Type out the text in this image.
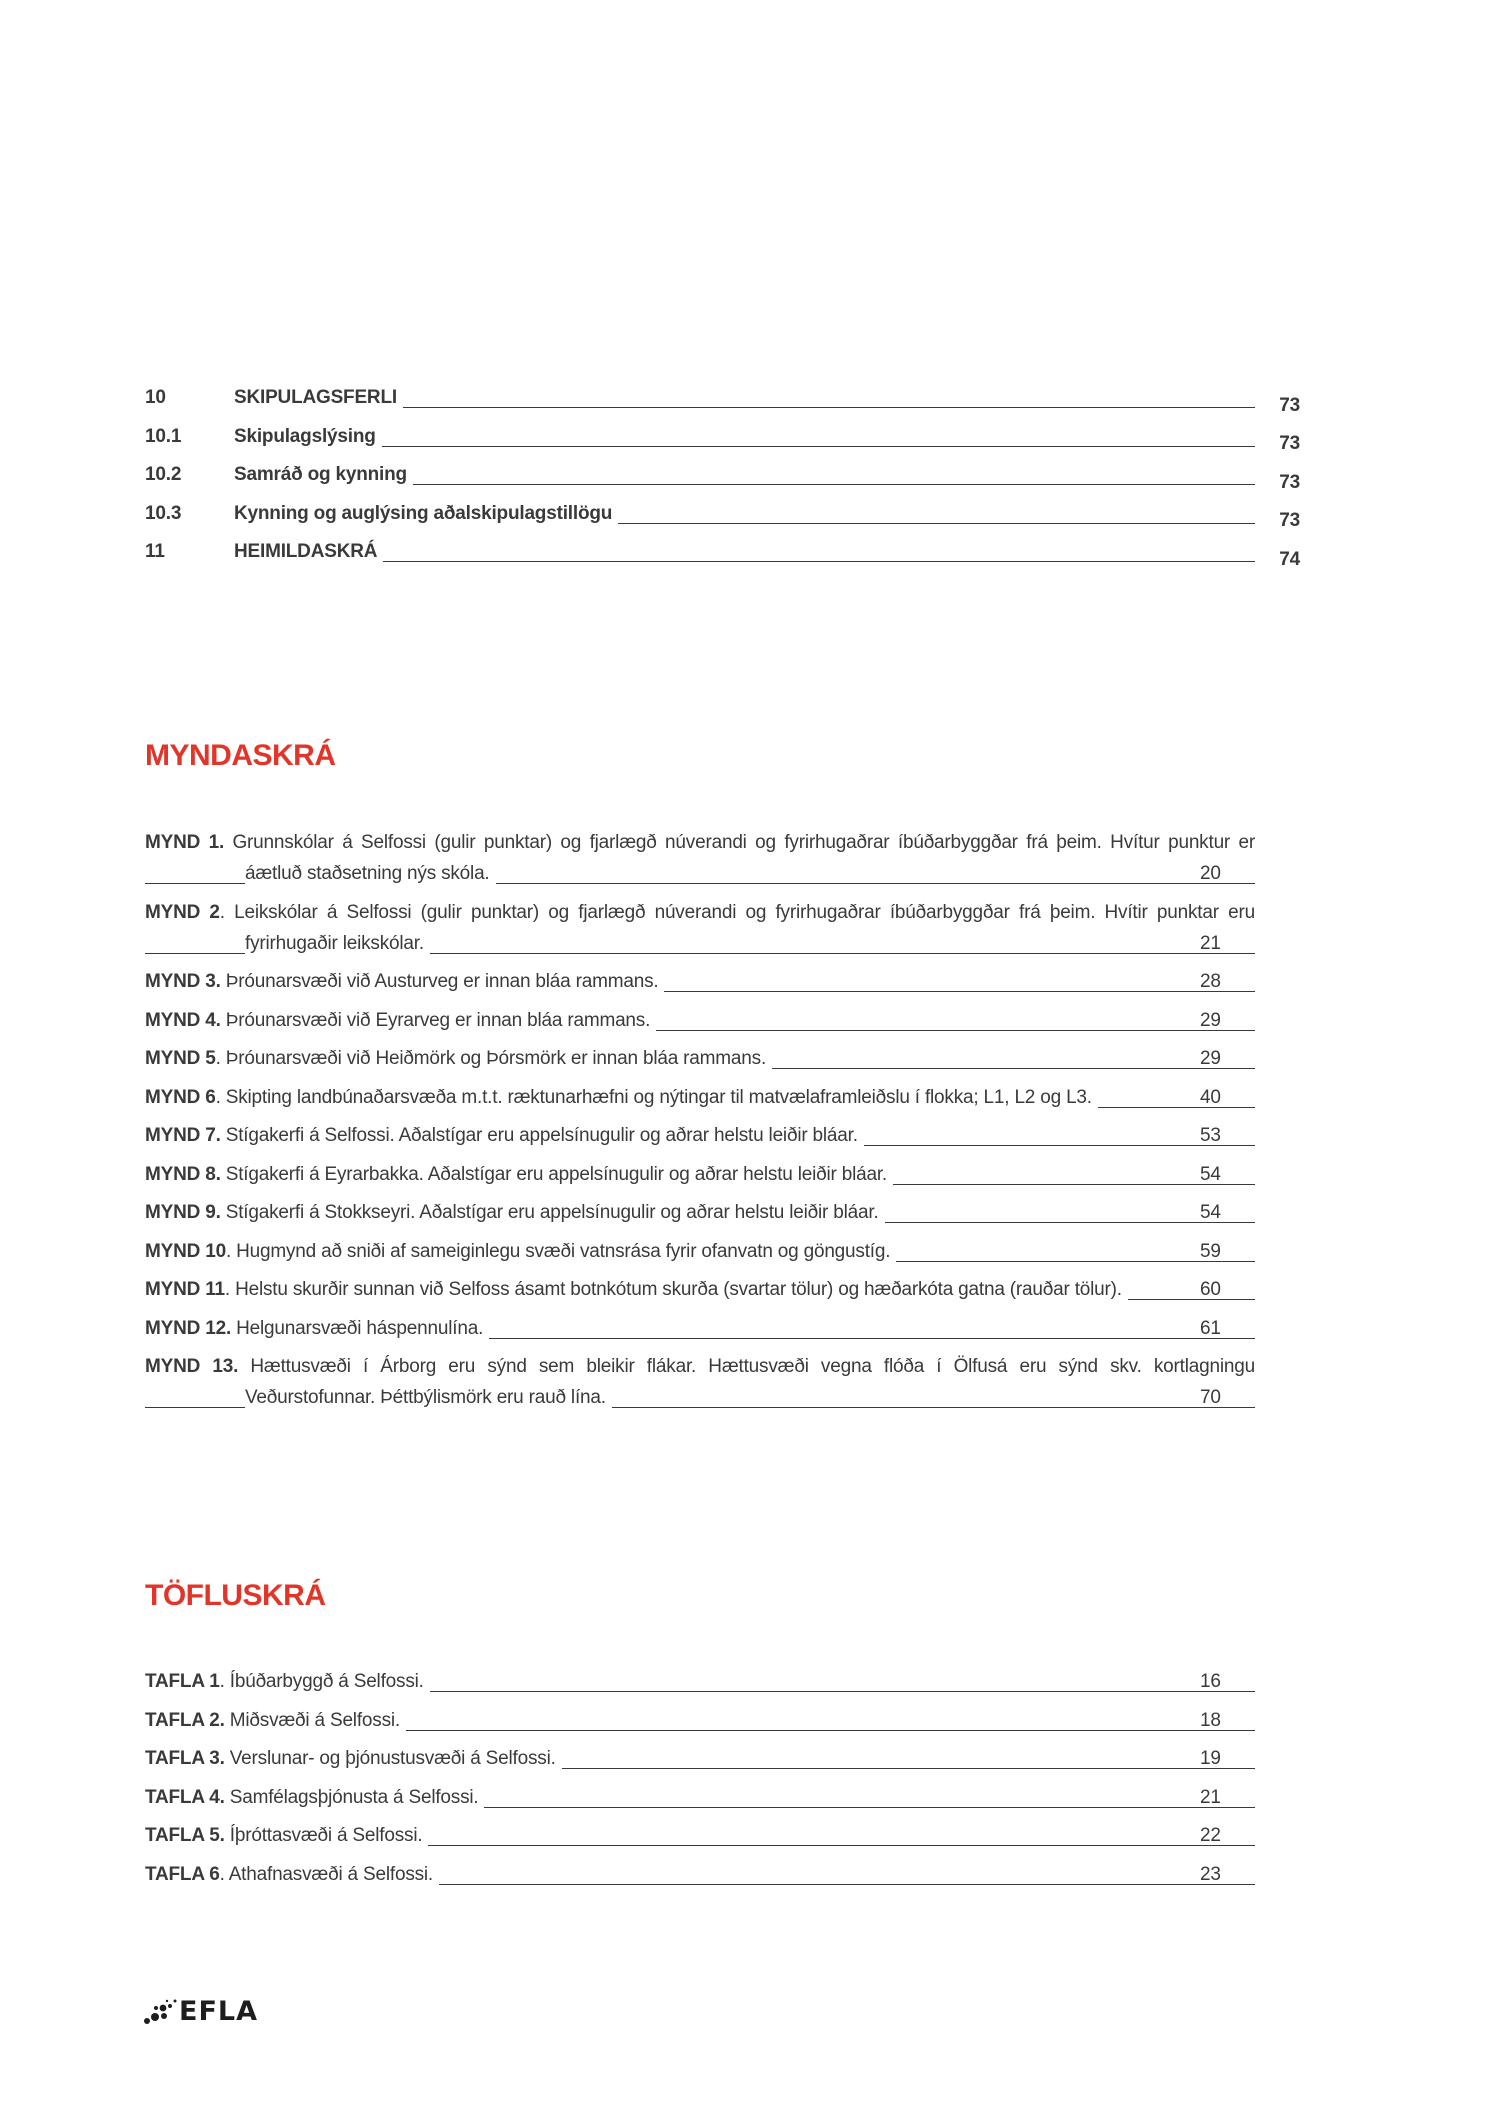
10	SKIPULAGSFERLI	73
10.1	Skipulagslýsing	73
10.2	Samráð og kynning	73
10.3	Kynning og auglýsing aðalskipulagstillögu	73
11	HEIMILDASKRÁ	74
MYNDASKRÁ
MYND 1. Grunnskólar á Selfossi (gulir punktar) og fjarlægð núverandi og fyrirhugaðrar íbúðarbyggðar frá þeim. Hvítur punktur er áætluð staðsetning nýs skóla.	20
MYND 2. Leikskólar á Selfossi (gulir punktar) og fjarlægð núverandi og fyrirhugaðrar íbúðarbyggðar frá þeim. Hvítir punktar eru fyrirhugaðir leikskólar.	21
MYND 3. Þróunarsvæði við Austurveg er innan bláa rammans.	28
MYND 4. Þróunarsvæði við Eyrarveg er innan bláa rammans.	29
MYND 5. Þróunarsvæði við Heiðmörk og Þórsmörk er innan bláa rammans.	29
MYND 6. Skipting landbúnaðarsvæða m.t.t. ræktunarhæfni og nýtingar til matvælaframleiðslu í flokka; L1, L2 og L3.	40
MYND 7. Stígakerfi á Selfossi. Aðalstígar eru appelsínugulir og aðrar helstu leiðir bláar.	53
MYND 8. Stígakerfi á Eyrarbakka. Aðalstígar eru appelsínugulir og aðrar helstu leiðir bláar.	54
MYND 9. Stígakerfi á Stokkseyri. Aðalstígar eru appelsínugulir og aðrar helstu leiðir bláar.	54
MYND 10. Hugmynd að sniði af sameiginlegu svæði vatnsrása fyrir ofanvatn og göngustíg.	59
MYND 11. Helstu skurðir sunnan við Selfoss ásamt botnkótum skurða (svartar tölur) og hæðarkóta gatna (rauðar tölur).	60
MYND 12. Helgunarsvæði háspennulína.	61
MYND 13. Hættusvæði í Árborg eru sýnd sem bleikir flákar. Hættusvæði vegna flóða í Ölfusá eru sýnd skv. kortlagningu Veðurstofunnar. Þéttbýlismörk eru rauð lína.	70
TÖFLUSKRÁ
TAFLA 1. Íbúðarbyggð á Selfossi.	16
TAFLA 2. Miðsvæði á Selfossi.	18
TAFLA 3. Verslunar- og þjónustusvæði á Selfossi.	19
TAFLA 4. Samfélagsþjónusta á Selfossi.	21
TAFLA 5. Íþróttasvæði á Selfossi.	22
TAFLA 6. Athafnasvæði á Selfossi.	23
EFLA
